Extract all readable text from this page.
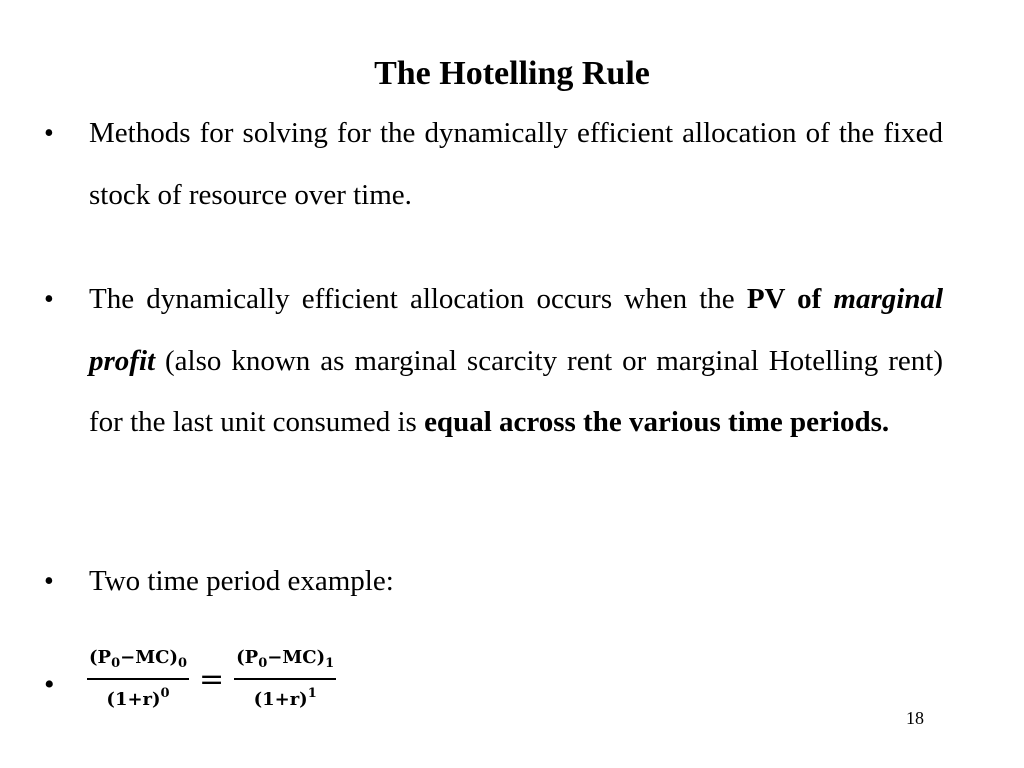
The Hotelling Rule
• Methods for solving for the dynamically efficient allocation of the fixed stock of resource over time.
• The dynamically efficient allocation occurs when the PV of marginal profit (also known as marginal scarcity rent or marginal Hotelling rent) for the last unit consumed is equal across the various time periods.
• Two time period example:
• $\frac{(P_0-MC)_0}{(1+r)^0} = \frac{(P_0-MC)_1}{(1+r)^1}$
18
